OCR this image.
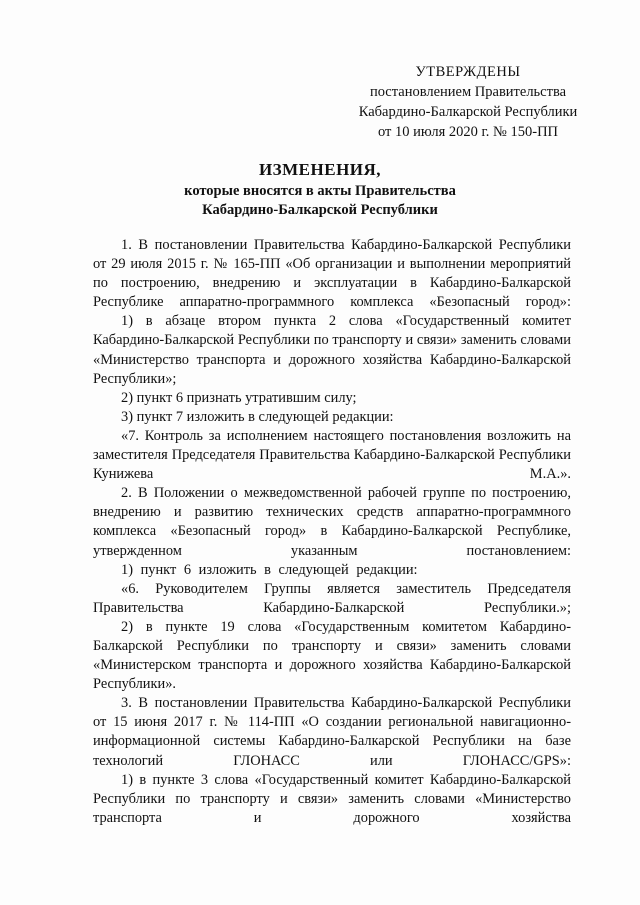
УТВЕРЖДЕНЫ
постановлением Правительства
Кабардино-Балкарской Республики
от 10 июля 2020 г. № 150-ПП
ИЗМЕНЕНИЯ,
которые вносятся в акты Правительства
Кабардино-Балкарской Республики

1. В постановлении Правительства Кабардино-Балкарской Республики от 29 июля 2015 г. № 165-ПП «Об организации и выполнении мероприятий по построению, внедрению и эксплуатации в Кабардино-Балкарской Республике аппаратно-программного комплекса «Безопасный город»:

1) в абзаце втором пункта 2 слова «Государственный комитет Кабардино-Балкарской Республики по транспорту и связи» заменить словами «Министерство транспорта и дорожного хозяйства Кабардино-Балкарской Республики»;

2) пункт 6 признать утратившим силу;

3) пункт 7 изложить в следующей редакции:

«7. Контроль за исполнением настоящего постановления возложить на заместителя Председателя Правительства Кабардино-Балкарской Республики Кунижева М.А.».

2. В Положении о межведомственной рабочей группе по построению, внедрению и развитию технических средств аппаратно-программного комплекса «Безопасный город» в Кабардино-Балкарской Республике, утвержденном указанным постановлением:

1) пункт 6 изложить в следующей редакции:

«6. Руководителем Группы является заместитель Председателя Правительства Кабардино-Балкарской Республики.»;

2) в пункте 19 слова «Государственным комитетом Кабардино-Балкарской Республики по транспорту и связи» заменить словами «Министерском транспорта и дорожного хозяйства Кабардино-Балкарской Республики».

3. В постановлении Правительства Кабардино-Балкарской Республики от 15 июня 2017 г. № 114-ПП «О создании региональной навигационно-информационной системы Кабардино-Балкарской Республики на базе технологий ГЛОНАСС или ГЛОНАСС/GPS»:

1) в пункте 3 слова «Государственный комитет Кабардино-Балкарской Республики по транспорту и связи» заменить словами «Министерство транспорта и дорожного хозяйства
